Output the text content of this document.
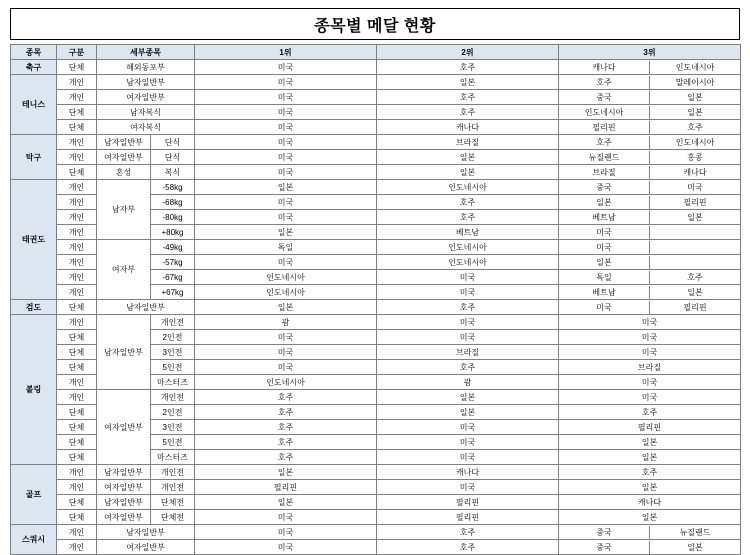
종목별 메달 현황
종목	구분	세부종목	1위	2위	3위
축구	단체	해외동포부	미국	호주		캐나다	인도네시아

테니스	개인	남자일반부	미국	일본		호주	말레이시아

개인	여자일반부	미국	호주		중국	일본

단체	남자복식	미국	호주		인도네시아	일본

단체	여자복식	미국	캐나다		필리핀	호주

탁구	개인	남자일반부	단식	미국	브라질		호주	인도네시아

개인	여자일반부	단식	미국	일본		뉴질랜드	홍콩

단체	혼성	복식	미국	일본		브라질	캐나다

태권도	개인	남자부	-58kg	일본	인도네시아		중국	미국

개인	-68kg	미국	호주		일본	필리핀

개인	-80kg	미국	호주		베트남	일본

개인	+80kg	일본	베트남		미국	

개인	여자부	-49kg	독일	인도네시아		미국	

개인	-57kg	미국	인도네시아		일본	

개인	-67kg	인도네시아	미국		독일	호주

개인	+67kg	인도네시아	미국		베트남	일본

검도	단체	남자일반부	일본	호주		미국	필리핀

볼링	개인	남자일반부	개인전	괌	미국	미국
단체	2인전	미국	미국	미국
단체	3인전	미국	브라질	미국
단체	5인전	미국	호주	브라질
개인	마스터즈	인도네시아	괌	미국
개인	여자일반부	개인전	호주	일본	미국
단체	2인전	호주	일본	호주
단체	3인전	호주	미국	필리핀
단체	5인전	호주	미국	일본
단체	마스터즈	호주	미국	일본
골프	개인	남자일반부	개인전	일본	캐나다	호주
개인	여자일반부	개인전	필리핀	미국	일본
단체	남자일반부	단체전	일본	필리핀	캐나다
단체	여자일반부	단체전	미국	필리핀	일본
스쿼시	개인	남자일반부	미국	호주		중국	뉴질랜드

개인	여자일반부	미국	호주		중국	일본
